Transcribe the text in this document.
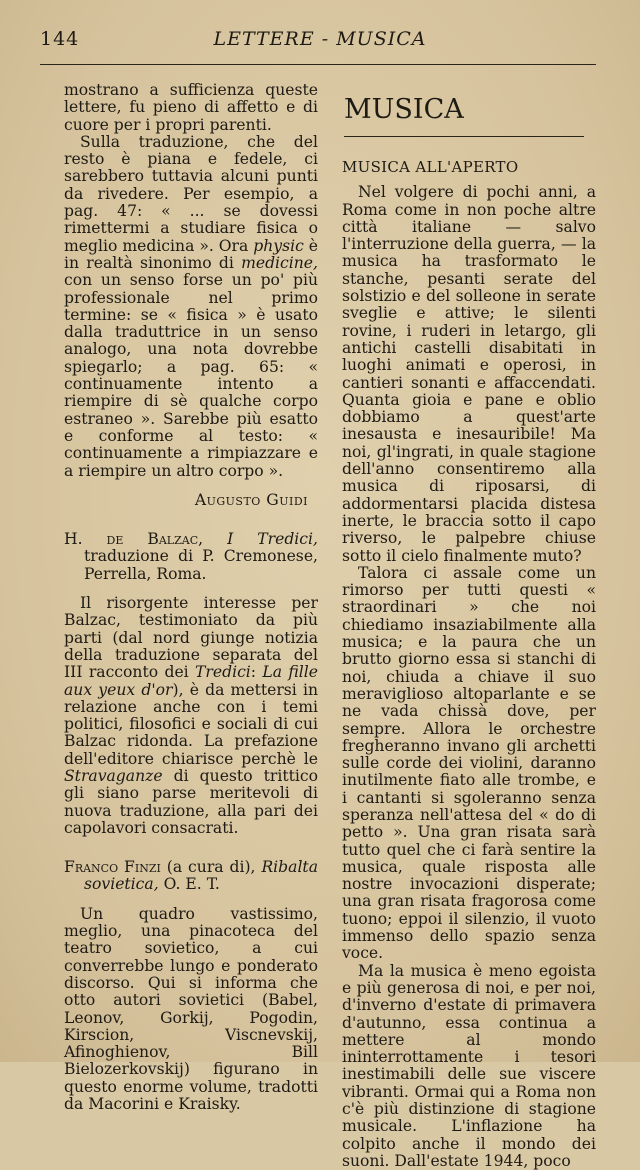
144	LETTERE - MUSICA

mostrano a sufficienza queste lettere, fu pieno di affetto e di cuore per i propri parenti.

Sulla traduzione, che del resto è piana e fedele, ci sarebbero tuttavia alcuni punti da rivedere. Per esempio, a pag. 47: « ... se dovessi rimettermi a studiare fisica o meglio medicina ». Ora physic è in realtà sinonimo di medicine, con un senso forse un po' più professionale nel primo termine: se « fisica » è usato dalla traduttrice in un senso analogo, una nota dovrebbe spiegarlo; a pag. 65: « continuamente intento a riempire di sè qualche corpo estraneo ». Sarebbe più esatto e conforme al testo: « continuamente a rimpiazzare e a riempire un altro corpo ».

Augusto Guidi

H. de Balzac, I Tredici, traduzione di P. Cremonese, Perrella, Roma.

Il risorgente interesse per Balzac, testimoniato da più parti (dal nord giunge notizia della traduzione separata del III racconto dei Tredici: La fille aux yeux d'or), è da mettersi in relazione anche con i temi politici, filosofici e sociali di cui Balzac ridonda. La prefazione dell'editore chiarisce perchè le Stravaganze di questo trittico gli siano parse meritevoli di nuova traduzione, alla pari dei capolavori consacrati.

Franco Finzi (a cura di), Ribalta sovietica, O. E. T.

Un quadro vastissimo, meglio, una pinacoteca del teatro sovietico, a cui converrebbe lungo e ponderato discorso. Qui si informa che otto autori sovietici (Babel, Leonov, Gorkij, Pogodin, Kirscion, Viscnevskij, Afinoghienov, Bill Bielozerkovskij) figurano in questo enorme volume, tradotti da Macorini e Kraisky.

MUSICA

MUSICA ALL'APERTO

Nel volgere di pochi anni, a Roma come in non poche altre città italiane — salvo l'interruzione della guerra, — la musica ha trasformato le stanche, pesanti serate del solstizio e del solleone in serate sveglie e attive; le silenti rovine, i ruderi in letargo, gli antichi castelli disabitati in luoghi animati e operosi, in cantieri sonanti e affaccendati. Quanta gioia e pane e oblio dobbiamo a quest'arte inesausta e inesauribile! Ma noi, gl'ingrati, in quale stagione dell'anno consentiremo alla musica di riposarsi, di addormentarsi placida distesa inerte, le braccia sotto il capo riverso, le palpebre chiuse sotto il cielo finalmente muto?

Talora ci assale come un rimorso per tutti questi « straordinari » che noi chiediamo insaziabilmente alla musica; e la paura che un brutto giorno essa si stanchi di noi, chiuda a chiave il suo meraviglioso altoparlante e se ne vada chissà dove, per sempre. Allora le orchestre fregheranno invano gli archetti sulle corde dei violini, daranno inutilmente fiato alle trombe, e i cantanti si sgoleranno senza speranza nell'attesa del « do di petto ». Una gran risata sarà tutto quel che ci farà sentire la musica, quale risposta alle nostre invocazioni disperate; una gran risata fragorosa come tuono; eppoi il silenzio, il vuoto immenso dello spazio senza voce.

Ma la musica è meno egoista e più generosa di noi, e per noi, d'inverno d'estate di primavera d'autunno, essa continua a mettere al mondo ininterrottamente i tesori inestimabili delle sue viscere vibranti. Ormai qui a Roma non c'è più distinzione di stagione musicale. L'inflazione ha colpito anche il mondo dei suoni. Dall'estate 1944, poco
